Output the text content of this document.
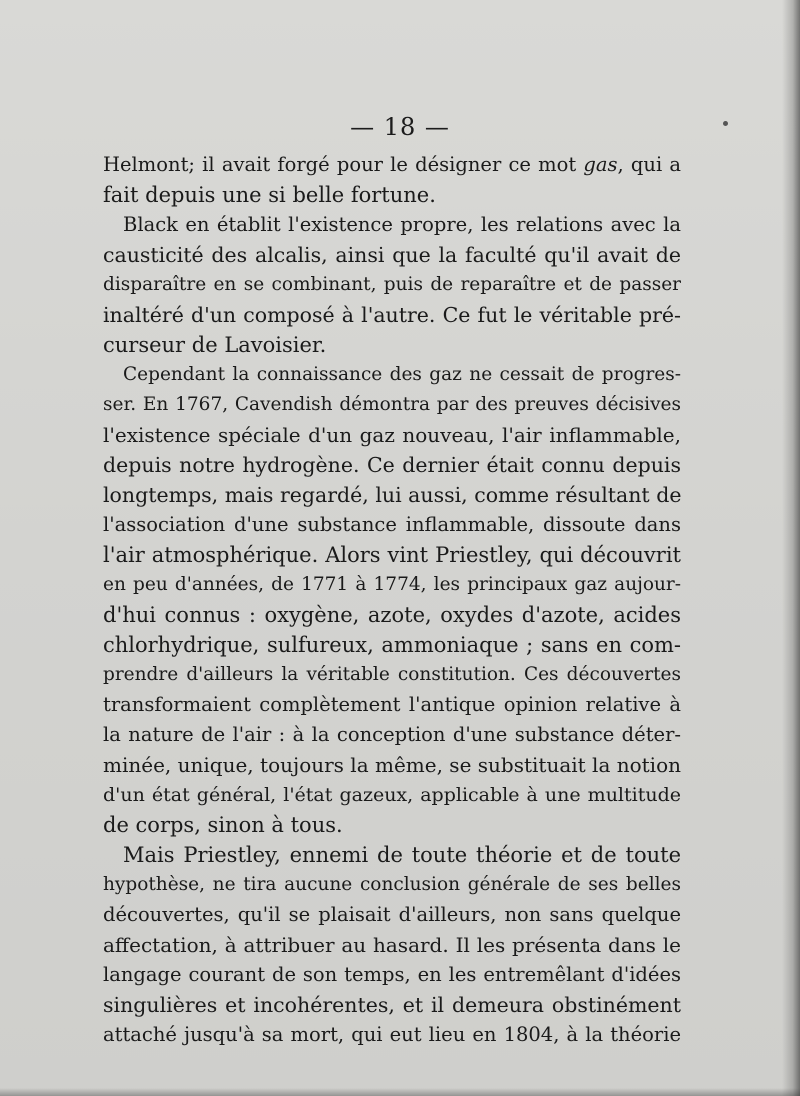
— 18 —
Helmont; il avait forgé pour le désigner ce mot gas, qui a
fait depuis une si belle fortune.
Black en établit l'existence propre, les relations avec la
causticité des alcalis, ainsi que la faculté qu'il avait de
disparaître en se combinant, puis de reparaître et de passer
inaltéré d'un composé à l'autre. Ce fut le véritable pré-
curseur de Lavoisier.
Cependant la connaissance des gaz ne cessait de progres-
ser. En 1767, Cavendish démontra par des preuves décisives
l'existence spéciale d'un gaz nouveau, l'air inflammable,
depuis notre hydrogène. Ce dernier était connu depuis
longtemps, mais regardé, lui aussi, comme résultant de
l'association d'une substance inflammable, dissoute dans
l'air atmosphérique. Alors vint Priestley, qui découvrit
en peu d'années, de 1771 à 1774, les principaux gaz aujour-
d'hui connus : oxygène, azote, oxydes d'azote, acides
chlorhydrique, sulfureux, ammoniaque ; sans en com-
prendre d'ailleurs la véritable constitution. Ces découvertes
transformaient complètement l'antique opinion relative à
la nature de l'air : à la conception d'une substance déter-
minée, unique, toujours la même, se substituait la notion
d'un état général, l'état gazeux, applicable à une multitude
de corps, sinon à tous.
Mais Priestley, ennemi de toute théorie et de toute
hypothèse, ne tira aucune conclusion générale de ses belles
découvertes, qu'il se plaisait d'ailleurs, non sans quelque
affectation, à attribuer au hasard. Il les présenta dans le
langage courant de son temps, en les entremêlant d'idées
singulières et incohérentes, et il demeura obstinément
attaché jusqu'à sa mort, qui eut lieu en 1804, à la théorie
